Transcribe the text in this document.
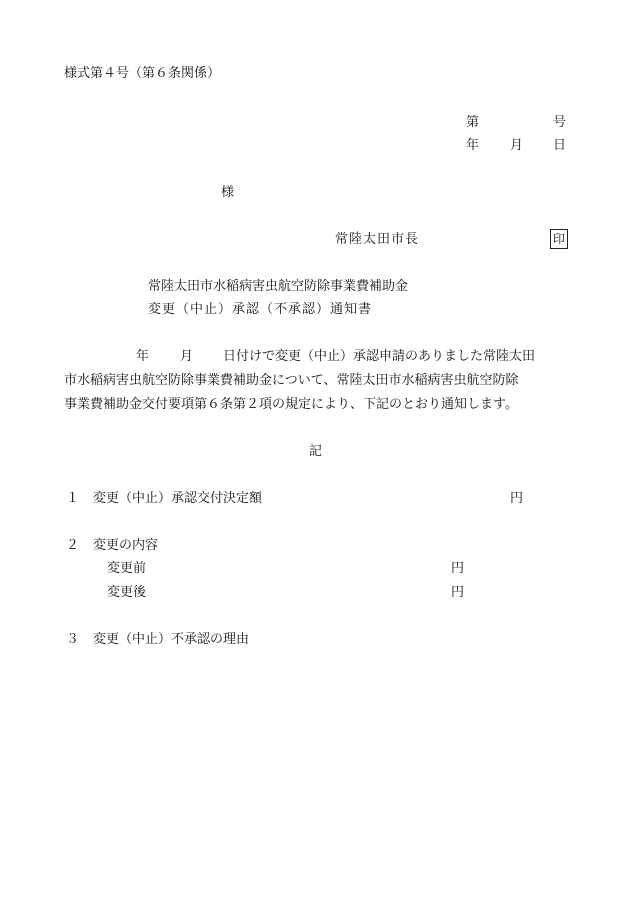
様式第４号（第６条関係）
第	号
年 月 日
様
常陸太田市長	印
常陸太田市水稲病害虫航空防除事業費補助金
変更（中止）承認（不承認）通知書
年 月 日付けで変更（中止）承認申請のありました常陸太田
市水稲病害虫航空防除事業費補助金について、常陸太田市水稲病害虫航空防除
事業費補助金交付要項第６条第２項の規定により、下記のとおり通知します。
記
１ 変更（中止）承認交付決定額	円
２ 変更の内容
変更前	円
変更後	円
３ 変更（中止）不承認の理由
